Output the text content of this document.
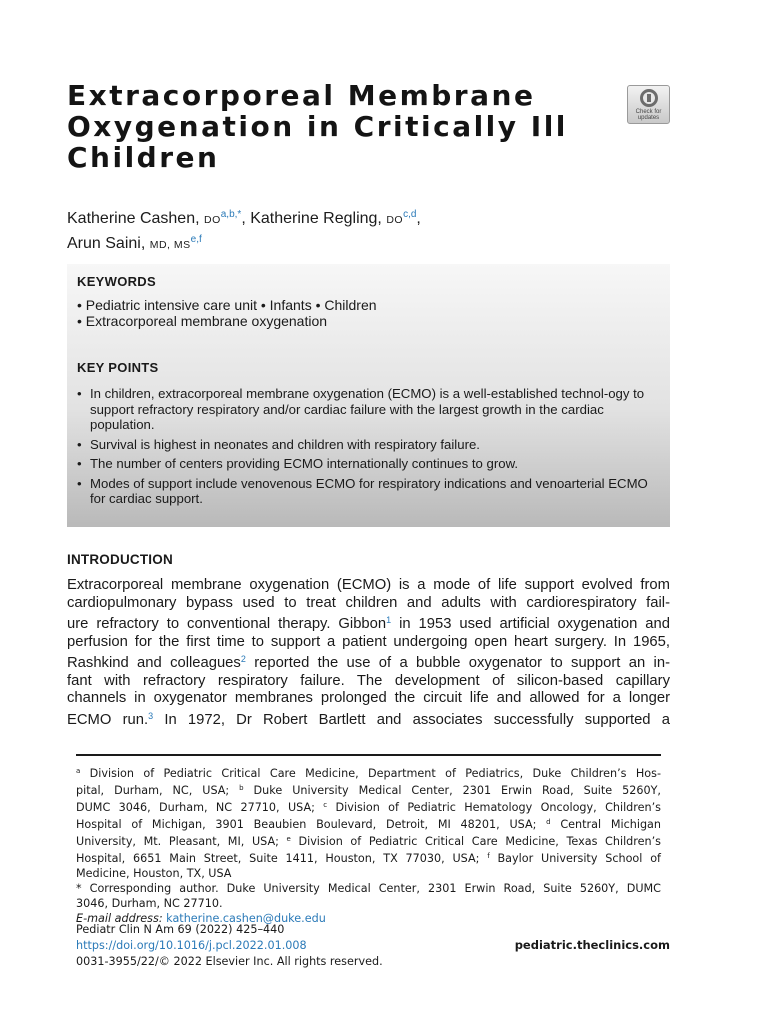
Extracorporeal Membrane
Oxygenation in Critically Ill
Children
Check for
updates
Katherine Cashen, $DO^{a,b,*}$, Katherine Regling, DO$^{c,d}$,
Arun Saini, MD, MS$^{e,f}$
KEYWORDS
• Pediatric intensive care unit • Infants • Children
• Extracorporeal membrane oxygenation
KEY POINTS
• In children, extracorporeal membrane oxygenation (ECMO) is a well-established technol-ogy to support refractory respiratory and/or cardiac failure with the largest growth in the cardiac population.
• Survival is highest in neonates and children with respiratory failure.
• The number of centers providing ECMO internationally continues to grow.
• Modes of support include venovenous ECMO for respiratory indications and venoarterial ECMO for cardiac support.
INTRODUCTION
Extracorporeal membrane oxygenation (ECMO) is a mode of life support evolved from
cardiopulmonary bypass used to treat children and adults with cardiorespiratory fail-
ure refractory to conventional therapy. Gibbon$^1$ in 1953 used artificial oxygenation and
perfusion for the first time to support a patient undergoing open heart surgery. In 1965,
Rashkind and colleagues$^2$ reported the use of a bubble oxygenator to support an in-
fant with refractory respiratory failure. The development of silicon-based capillary
channels in oxygenator membranes prolonged the circuit life and allowed for a longer
ECMO run.$^3$ In 1972, Dr Robert Bartlett and associates successfully supported a
$^a$ Division of Pediatric Critical Care Medicine, Department of Pediatrics, Duke Children’s Hos-
pital, Durham, NC, USA; $^b$ Duke University Medical Center, 2301 Erwin Road, Suite 5260Y,
DUMC 3046, Durham, NC 27710, USA; $^c$ Division of Pediatric Hematology Oncology, Children’s
Hospital of Michigan, 3901 Beaubien Boulevard, Detroit, MI 48201, USA; $^d$ Central Michigan
University, Mt. Pleasant, MI, USA; $^e$ Division of Pediatric Critical Care Medicine, Texas Children’s
Hospital, 6651 Main Street, Suite 1411, Houston, TX 77030, USA; $^f$ Baylor University School of
Medicine, Houston, TX, USA
* Corresponding author. Duke University Medical Center, 2301 Erwin Road, Suite 5260Y, DUMC
3046, Durham, NC 27710.
E-mail address: katherine.cashen@duke.edu
Pediatr Clin N Am 69 (2022) 425–440
https://doi.org/10.1016/j.pcl.2022.01.008
0031-3955/22/© 2022 Elsevier Inc. All rights reserved.
pediatric.theclinics.com
